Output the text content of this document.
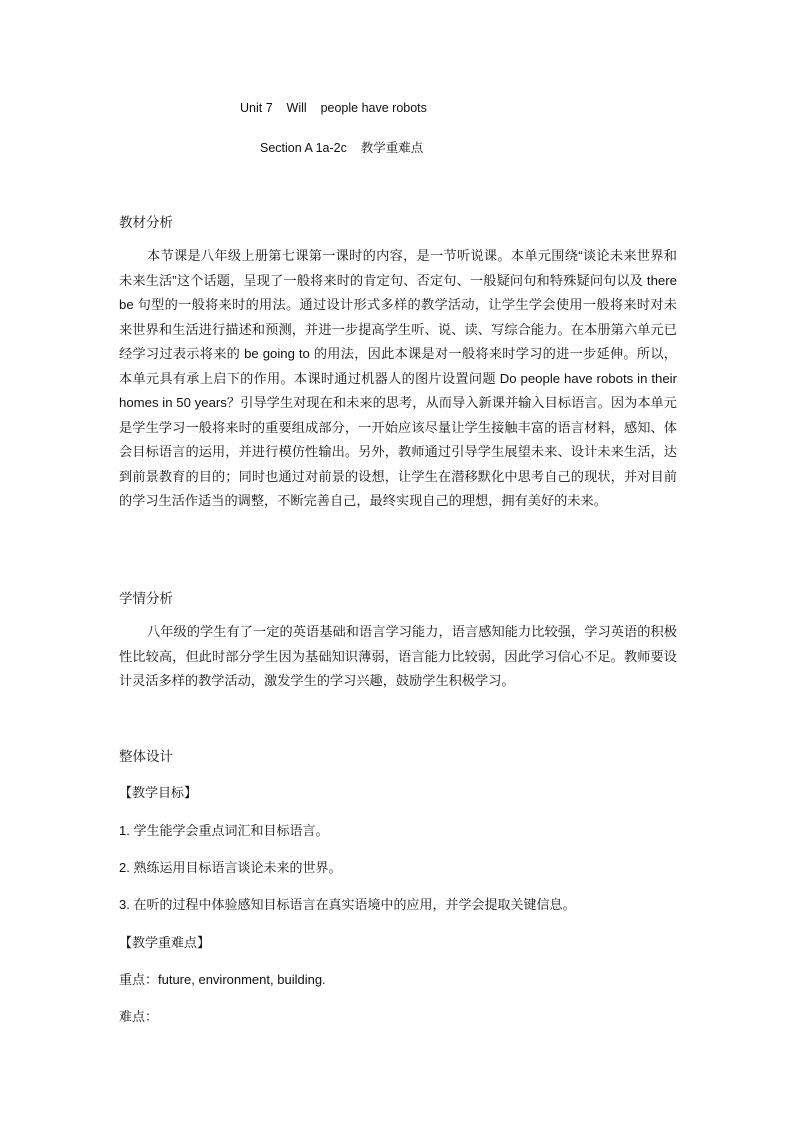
Unit 7    Will    people have robots
Section A 1a-2c    教学重难点
教材分析
本节课是八年级上册第七课第一课时的内容，是一节听说课。本单元围绕“谈论未来世界和未来生活”这个话题，呈现了一般将来时的肯定句、否定句、一般疑问句和特殊疑问句以及 there be 句型的一般将来时的用法。通过设计形式多样的教学活动，让学生学会使用一般将来时对未来世界和生活进行描述和预测，并进一步提高学生听、说、读、写综合能力。在本册第六单元已经学习过表示将来的 be going to 的用法，因此本课是对一般将来时学习的进一步延伸。所以，本单元具有承上启下的作用。本课时通过机器人的图片设置问题 Do people have robots in their homes in 50 years？引导学生对现在和未来的思考，从而导入新课并输入目标语言。因为本单元是学生学习一般将来时的重要组成部分，一开始应该尽量让学生接触丰富的语言材料，感知、体会目标语言的运用，并进行模仿性输出。另外，教师通过引导学生展望未来、设计未来生活，达到前景教育的目的；同时也通过对前景的设想，让学生在潜移默化中思考自己的现状，并对目前的学习生活作适当的调整，不断完善自己，最终实现自己的理想，拥有美好的未来。
学情分析
八年级的学生有了一定的英语基础和语言学习能力，语言感知能力比较强，学习英语的积极性比较高，但此时部分学生因为基础知识薄弱，语言能力比较弱，因此学习信心不足。教师要设计灵活多样的教学活动，激发学生的学习兴趣，鼓励学生积极学习。
整体设计
【教学目标】
1. 学生能学会重点词汇和目标语言。
2. 熟练运用目标语言谈论未来的世界。
3. 在听的过程中体验感知目标语言在真实语境中的应用，并学会提取关键信息。
【教学重难点】
重点：future, environment, building.
难点：
